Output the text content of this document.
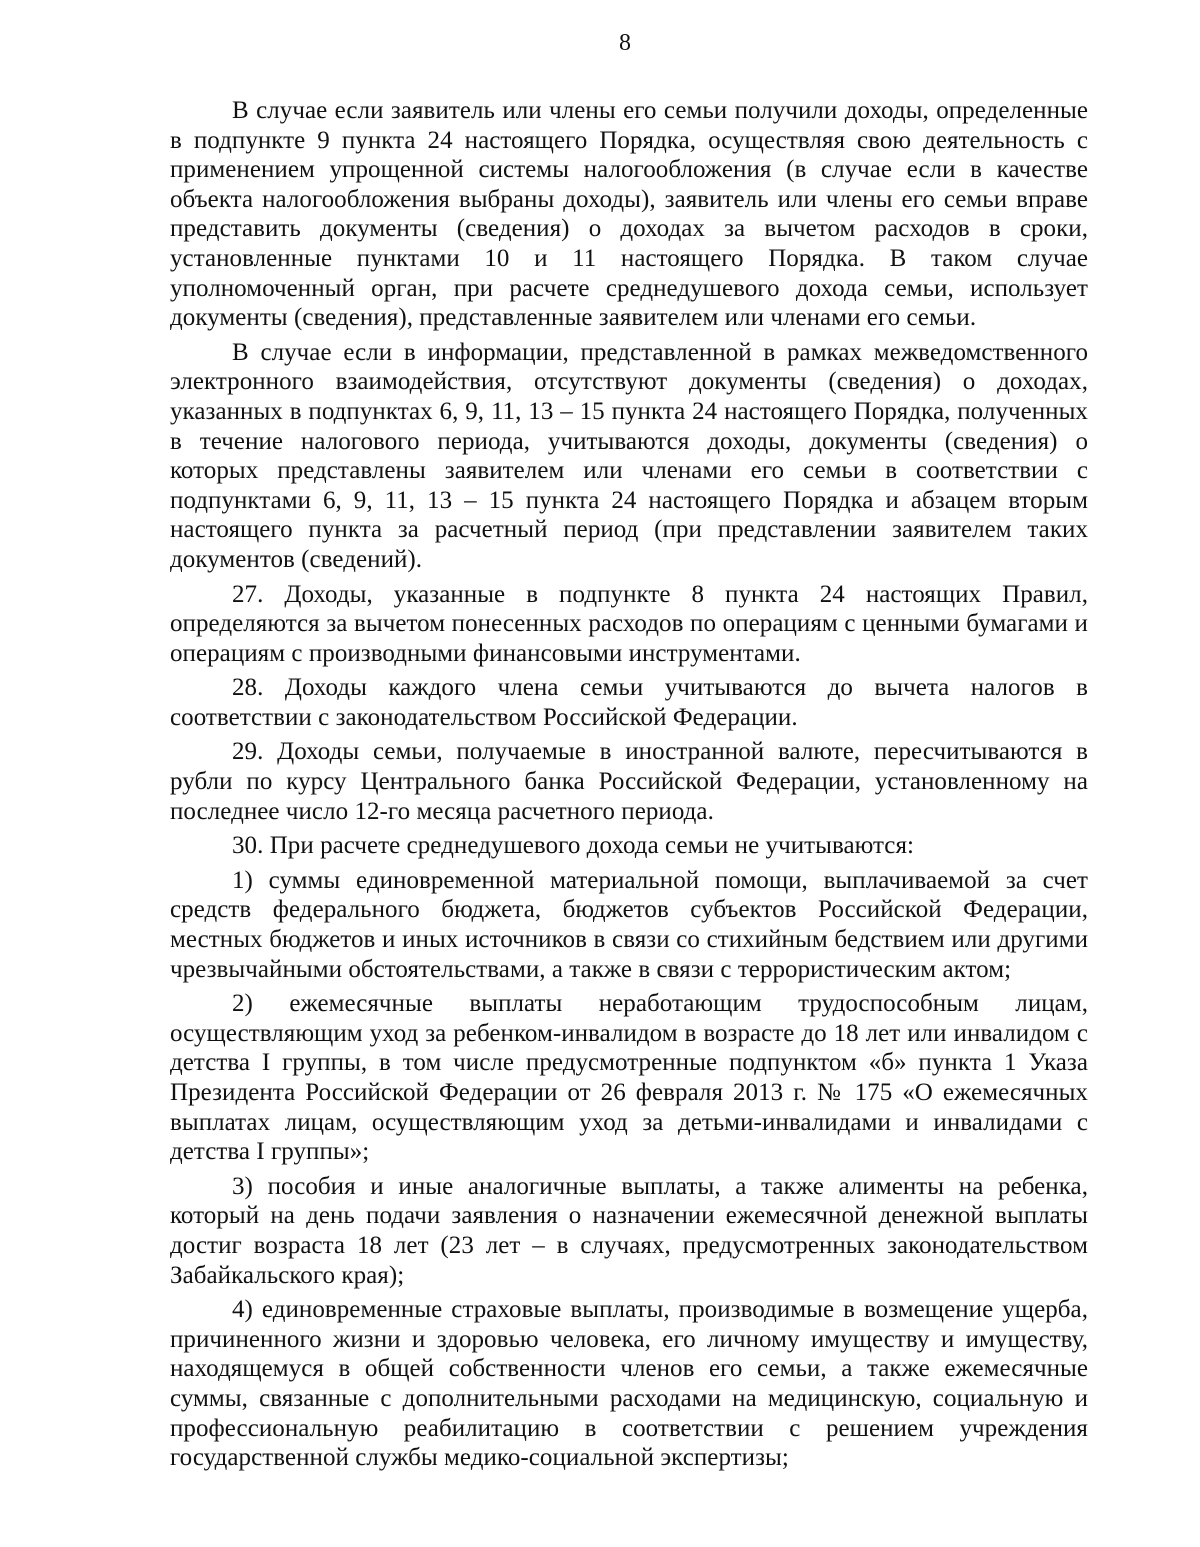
8

В случае если заявитель или члены его семьи получили доходы, определенные в подпункте 9 пункта 24 настоящего Порядка, осуществляя свою деятельность с применением упрощенной системы налогообложения (в случае если в качестве объекта налогообложения выбраны доходы), заявитель или члены его семьи вправе представить документы (сведения) о доходах за вычетом расходов в сроки, установленные пунктами 10 и 11 настоящего Порядка. В таком случае уполномоченный орган, при расчете среднедушевого дохода семьи, использует документы (сведения), представленные заявителем или членами его семьи.

В случае если в информации, представленной в рамках межведомственного электронного взаимодействия, отсутствуют документы (сведения) о доходах, указанных в подпунктах 6, 9, 11, 13 – 15 пункта 24 настоящего Порядка, полученных в течение налогового периода, учитываются доходы, документы (сведения) о которых представлены заявителем или членами его семьи в соответствии с подпунктами 6, 9, 11, 13 – 15 пункта 24 настоящего Порядка и абзацем вторым настоящего пункта за расчетный период (при представлении заявителем таких документов (сведений).

27. Доходы, указанные в подпункте 8 пункта 24 настоящих Правил, определяются за вычетом понесенных расходов по операциям с ценными бумагами и операциям с производными финансовыми инструментами.

28. Доходы каждого члена семьи учитываются до вычета налогов в соответствии с законодательством Российской Федерации.

29. Доходы семьи, получаемые в иностранной валюте, пересчитываются в рубли по курсу Центрального банка Российской Федерации, установленному на последнее число 12-го месяца расчетного периода.

30. При расчете среднедушевого дохода семьи не учитываются:

1) суммы единовременной материальной помощи, выплачиваемой за счет средств федерального бюджета, бюджетов субъектов Российской Федерации, местных бюджетов и иных источников в связи со стихийным бедствием или другими чрезвычайными обстоятельствами, а также в связи с террористическим актом;

2) ежемесячные выплаты неработающим трудоспособным лицам, осуществляющим уход за ребенком-инвалидом в возрасте до 18 лет или инвалидом с детства I группы, в том числе предусмотренные подпунктом «б» пункта 1 Указа Президента Российской Федерации от 26 февраля 2013 г. № 175 «О ежемесячных выплатах лицам, осуществляющим уход за детьми-инвалидами и инвалидами с детства I группы»;

3) пособия и иные аналогичные выплаты, а также алименты на ребенка, который на день подачи заявления о назначении ежемесячной денежной выплаты достиг возраста 18 лет (23 лет – в случаях, предусмотренных законодательством Забайкальского края);

4) единовременные страховые выплаты, производимые в возмещение ущерба, причиненного жизни и здоровью человека, его личному имуществу и имуществу, находящемуся в общей собственности членов его семьи, а также ежемесячные суммы, связанные с дополнительными расходами на медицинскую, социальную и профессиональную реабилитацию в соответствии с решением учреждения государственной службы медико-социальной экспертизы;
